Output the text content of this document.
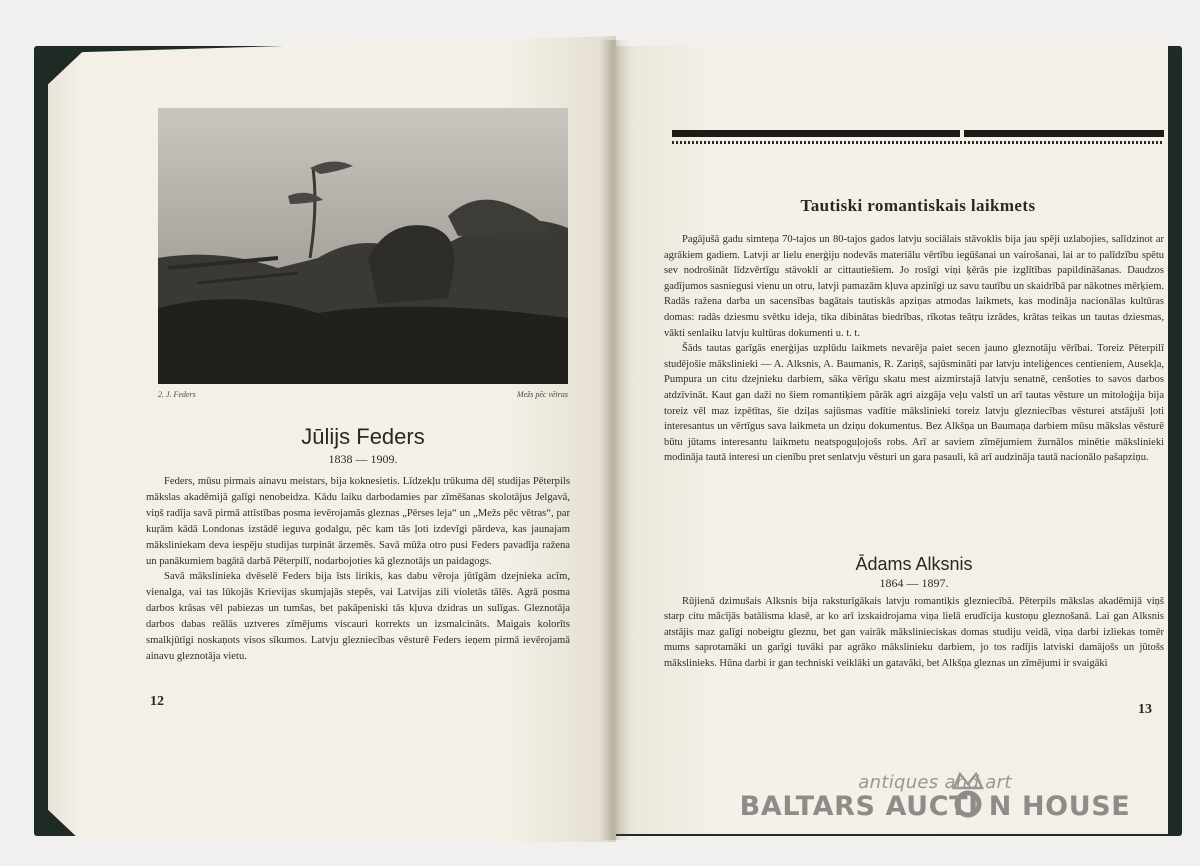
2. J. Feders	Mežs pēc vētras
Jūlijs Feders
1838 — 1909.

Feders, mūsu pirmais ainavu meistars, bija koknesietis. Līdzekļu trūkuma dēļ studijas Pēterpils mākslas akadēmijā galīgi nenobeidza. Kādu laiku darbodamies par zīmēšanas skolotājus Jelgavā, viņš radīja savā pirmā attīstības posma ievērojamās gleznas „Pērses leja“ un „Mežs pēc vētras“, par kuŗām kādā Londonas izstādē ieguva godalgu, pēc kam tās ļoti izdevīgi pārdeva, kas jaunajam māksliniekam deva iespēju studijas turpināt ārzemēs. Savā mūža otro pusi Feders pavadīja ražena un panākumiem bagātā darbā Pēterpilī, nodarbojoties kā gleznotājs un paidagogs.

Savā mākslinieka dvēselē Feders bija īsts lirikis, kas dabu vēroja jūtīgām dzejnieka acīm, vienalga, vai tas lūkojās Krievijas skumjajās stepēs, vai Latvijas zili violetās tālēs. Agrā posma darbos krāsas vēl pabiezas un tumšas, bet pakāpeniski tās kļuva dzidras un sulīgas. Gleznotāja darbos dabas reālās uztveres zīmējums viscauri korrekts un izsmalcināts. Maigais kolorīts smalkjūtīgi noskaņots visos sīkumos. Latvju glezniecības vēsturē Feders ieņem pirmā ievērojamā ainavu gleznotāja vietu.

12
Tautiski romantiskais laikmets

Pagājušā gadu simteņa 70-tajos un 80-tajos gados latvju sociālais stāvoklis bija jau spēji uzlabojies, salīdzinot ar agrākiem gadiem. Latvji ar lielu enerģiju nodevās materiālu vērtību iegūšanai un vairošanai, lai ar to palīdzību spētu sev nodrošināt līdzvērtīgu stāvokli ar cittautiešiem. Jo rosīgi viņi ķērās pie izglītības papildināšanas. Daudzos gadījumos sasniegusi vienu un otru, latvji pamazām kļuva apzinīgi uz savu tautību un skaidrībā par nākotnes mērķiem. Radās ražena darba un sacensības bagātais tautiskās apziņas atmodas laikmets, kas modināja nacionālas kultūras domas: radās dziesmu svētku ideja, tika dibinātas biedrības, rīkotas teātŗu izrādes, krātas teikas un tautas dziesmas, vākti senlaiku latvju kultūras dokumenti u. t. t.

Šāds tautas garīgās enerģijas uzplūdu laikmets nevarēja paiet secen jauno gleznotāju vērībai. Toreiz Pēterpilī studējošie mākslinieki — A. Alksnis, A. Baumanis, R. Zariņš, sajūsmināti par latvju inteliģences centieniem, Ausekļa, Pumpura un citu dzejnieku darbiem, sāka vērīgu skatu mest aizmirstajā latvju senatnē, cenšoties to savos darbos atdzīvināt. Kaut gan daži no šiem romantiķiem pārāk agri aizgāja veļu valstī un arī tautas vēsture un mitoloģija bija toreiz vēl maz izpētītas, šie dziļas sajūsmas vadītie mākslinieki toreiz latvju glezniecības vēsturei atstājuši ļoti interesantus un vērtīgus sava laikmeta un dziņu dokumentus. Bez Alkšņa un Baumaņa darbiem mūsu mākslas vēsturē būtu jūtams interesantu laikmetu neatspoguļojošs robs. Arī ar saviem zīmējumiem žurnālos minētie mākslinieki modināja tautā interesi un cienību pret senlatvju vēsturi un gara pasauli, kā arī audzināja tautā nacionālo pašapziņu.

Ādams Alksnis
1864 — 1897.

Rūjienā dzimušais Alksnis bija raksturīgākais latvju romantiķis glezniecībā. Pēterpils mākslas akadēmijā viņš starp citu mācījās batālisma klasē, ar ko arī izskaidrojama viņa lielā erudīcija kustoņu gleznošanā. Lai gan Alksnis atstājis maz galīgi nobeigtu gleznu, bet gan vairāk mākslinieciskas domas studiju veidā, viņa darbi izliekas tomēr mums saprotamāki un garīgi tuvāki par agrāko mākslinieku darbiem, jo tos radījis latviski damājošs un jūtošs mākslinieks. Hūna darbi ir gan techniski veiklāki un gatavāki, bet Alkšņa gleznas un zīmējumi ir svaigāki

13
antiques and art
BALTARS AUCTI N HOUSE
